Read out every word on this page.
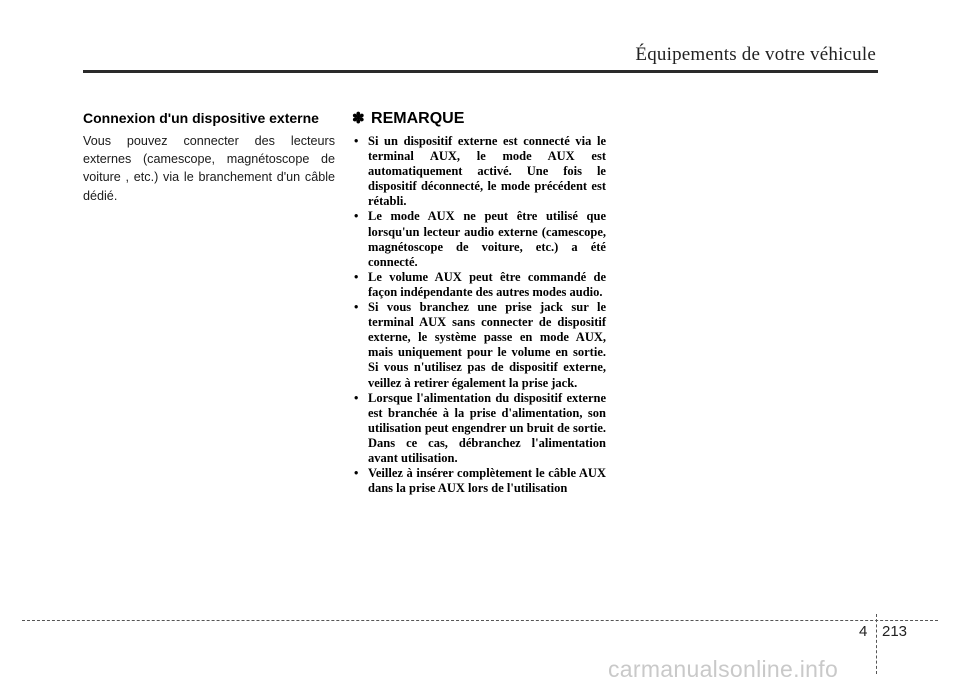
Équipements de votre véhicule
Connexion d'un dispositive externe

Vous pouvez connecter des lecteurs externes (camescope, magnétoscope de voiture , etc.) via le branchement d'un câble dédié.

✽ REMARQUE
• Si un dispositif externe est connecté via le terminal AUX, le mode AUX est automatiquement activé. Une fois le dispositif déconnecté, le mode précédent est rétabli.
• Le mode AUX ne peut être utilisé que lorsqu'un lecteur audio externe (camescope, magnétoscope de voiture, etc.) a été connecté.
• Le volume AUX peut être commandé de façon indépendante des autres modes audio.
• Si vous branchez une prise jack sur le terminal AUX sans connecter de dispositif externe, le système passe en mode AUX, mais uniquement pour le volume en sortie. Si vous n'utilisez pas de dispositif externe, veillez à retirer également la prise jack.
• Lorsque l'alimentation du dispositif externe est branchée à la prise d'alimentation, son utilisation peut engendrer un bruit de sortie. Dans ce cas, débranchez l'alimentation avant utilisation.
• Veillez à insérer complètement le câble AUX dans la prise AUX lors de l'utilisation
4 213
carmanualsonline.info
